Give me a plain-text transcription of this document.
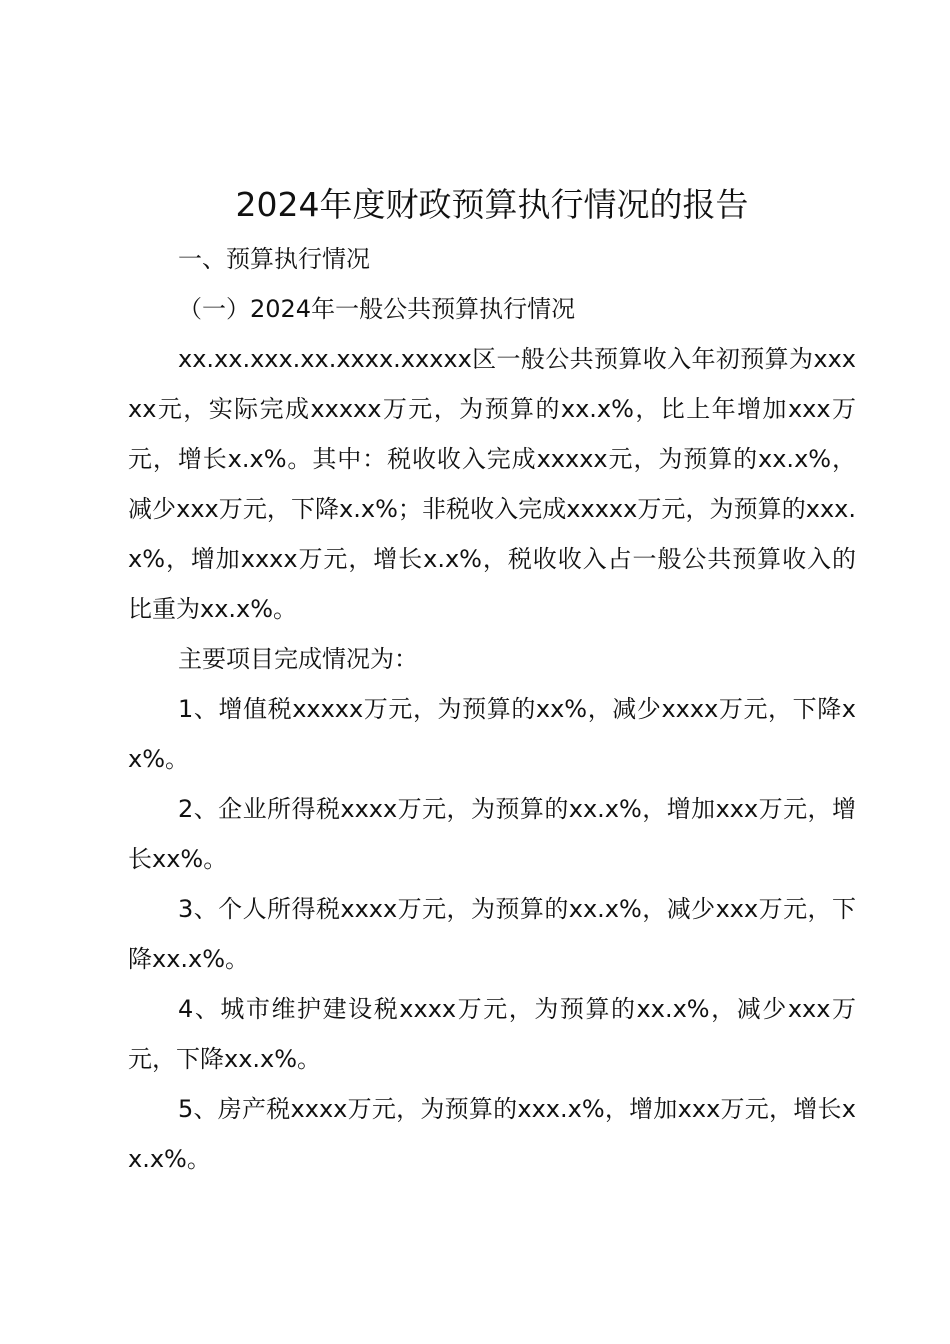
2024年度财政预算执行情况的报告

一、预算执行情况

（一）2024年一般公共预算执行情况

xx.xx.xxx.xx.xxxx.xxxxx区一般公共预算收入年初预算为xxxxx元，实际完成xxxxx万元，为预算的xx.x%，比上年增加xxx万元，增长x.x%。其中：税收收入完成xxxxx元，为预算的xx.x%，减少xxx万元，下降x.x%；非税收入完成xxxxx万元，为预算的xxx.x%，增加xxxx万元，增长x.x%，税收收入占一般公共预算收入的比重为xx.x%。

主要项目完成情况为：

1、增值税xxxxx万元，为预算的xx%，减少xxxx万元，下降xx%。

2、企业所得税xxxx万元，为预算的xx.x%，增加xxx万元，增长xx%。

3、个人所得税xxxx万元，为预算的xx.x%，减少xxx万元，下降xx.x%。

4、城市维护建设税xxxx万元，为预算的xx.x%，减少xxx万元，下降xx.x%。

5、房产税xxxx万元，为预算的xxx.x%，增加xxx万元，增长xx.x%。
